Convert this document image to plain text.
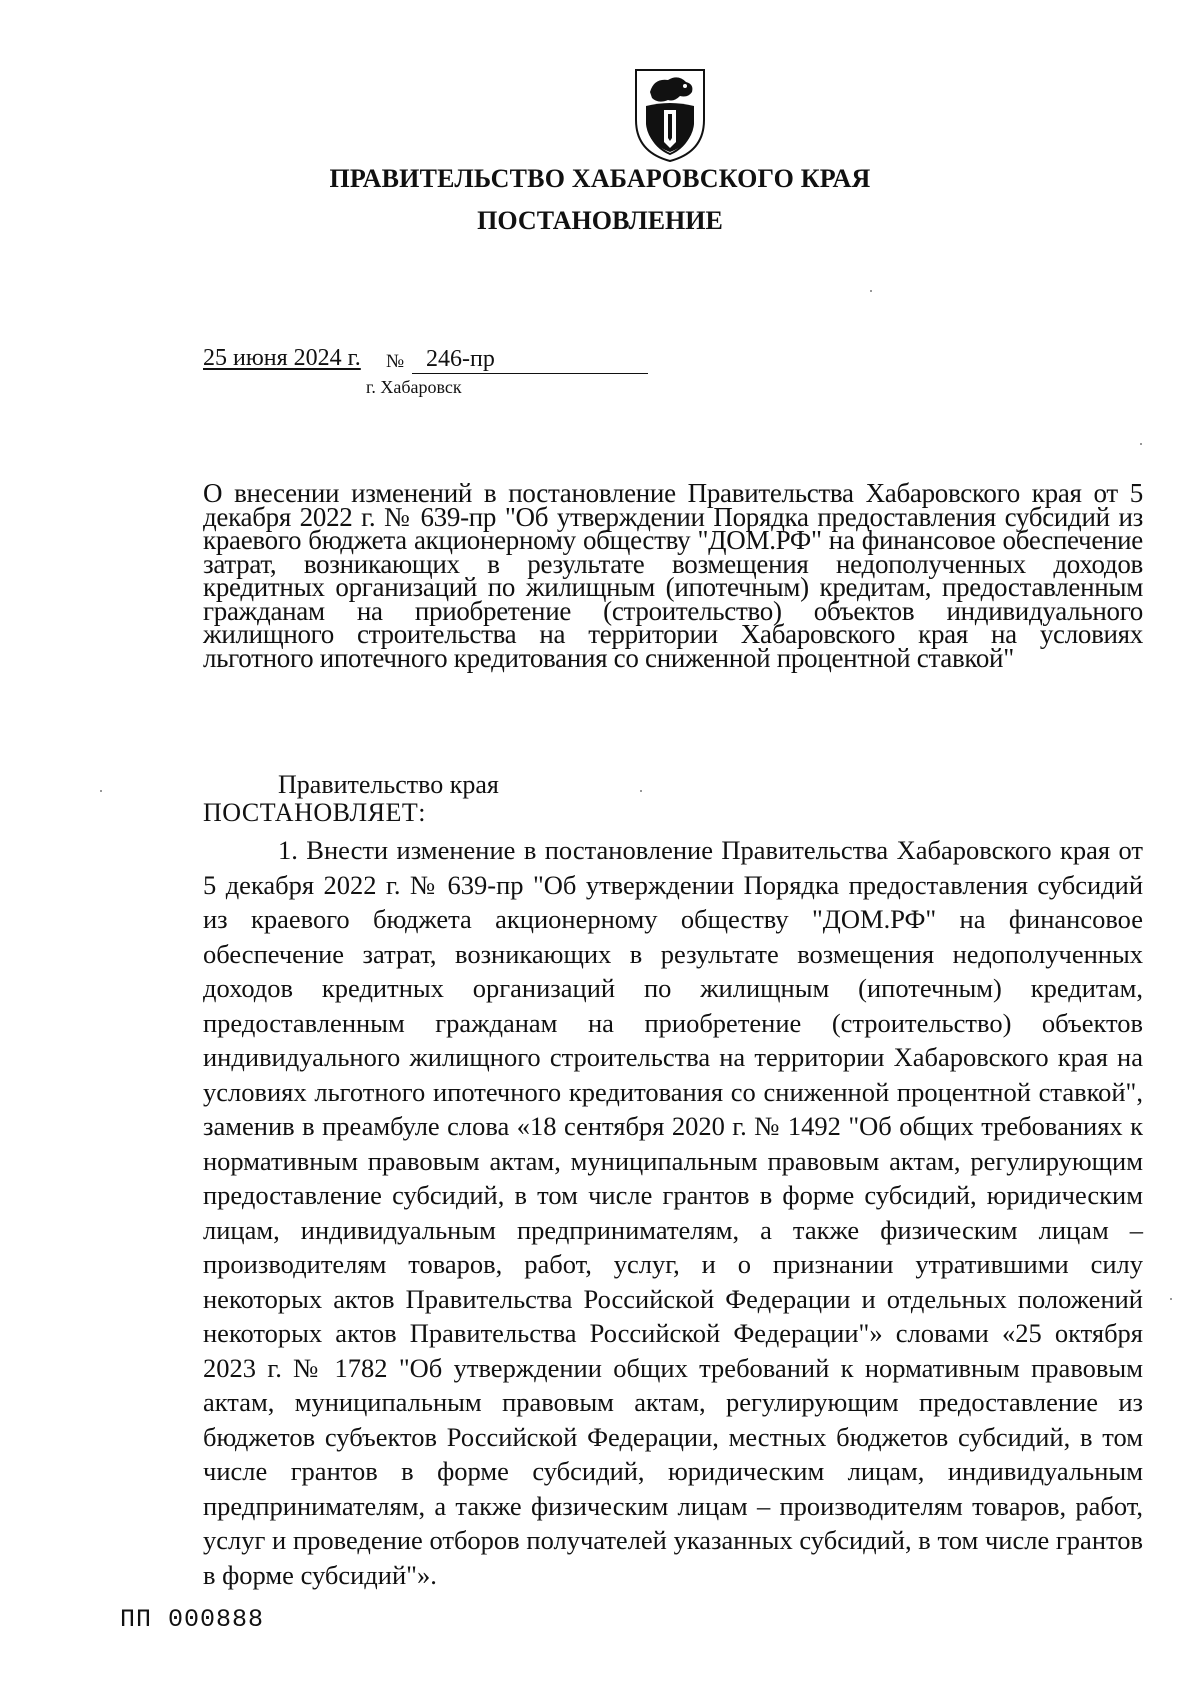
ПРАВИТЕЛЬСТВО ХАБАРОВСКОГО КРАЯ
ПОСТАНОВЛЕНИЕ
25 июня 2024 г. № 246-пр
г. Хабаровск
О внесении изменений в постановление Правительства Хабаровского края от 5 декабря 2022 г. № 639-пр "Об утверждении Порядка предоставления субсидий из краевого бюджета акционерному обществу "ДОМ.РФ" на финансовое обеспечение затрат, возникающих в результате возмещения недополученных доходов кредитных организаций по жилищным (ипотечным) кредитам, предоставленным гражданам на приобретение (строительство) объектов индивидуального жилищного строительства на территории Хабаровского края на условиях льготного ипотечного кредитования со сниженной процентной ставкой"
Правительство края
ПОСТАНОВЛЯЕТ:

1. Внести изменение в постановление Правительства Хабаровского края от 5 декабря 2022 г. № 639-пр "Об утверждении Порядка предоставления субсидий из краевого бюджета акционерному обществу "ДОМ.РФ" на финансовое обеспечение затрат, возникающих в результате возмещения недополученных доходов кредитных организаций по жилищным (ипотечным) кредитам, предоставленным гражданам на приобретение (строительство) объектов индивидуального жилищного строительства на территории Хабаровского края на условиях льготного ипотечного кредитования со сниженной процентной ставкой", заменив в преамбуле слова «18 сентября 2020 г. № 1492 "Об общих требованиях к нормативным правовым актам, муниципальным правовым актам, регулирующим предоставление субсидий, в том числе грантов в форме субсидий, юридическим лицам, индивидуальным предпринимателям, а также физическим лицам – производителям товаров, работ, услуг, и о признании утратившими силу некоторых актов Правительства Российской Федерации и отдельных положений некоторых актов Правительства Российской Федерации"» словами «25 октября 2023 г. № 1782 "Об утверждении общих требований к нормативным правовым актам, муниципальным правовым актам, регулирующим предоставление из бюджетов субъектов Российской Федерации, местных бюджетов субсидий, в том числе грантов в форме субсидий, юридическим лицам, индивидуальным предпринимателям, а также физическим лицам – производителям товаров, работ, услуг и проведение отборов получателей указанных субсидий, в том числе грантов в форме субсидий"».

ПП 000888
